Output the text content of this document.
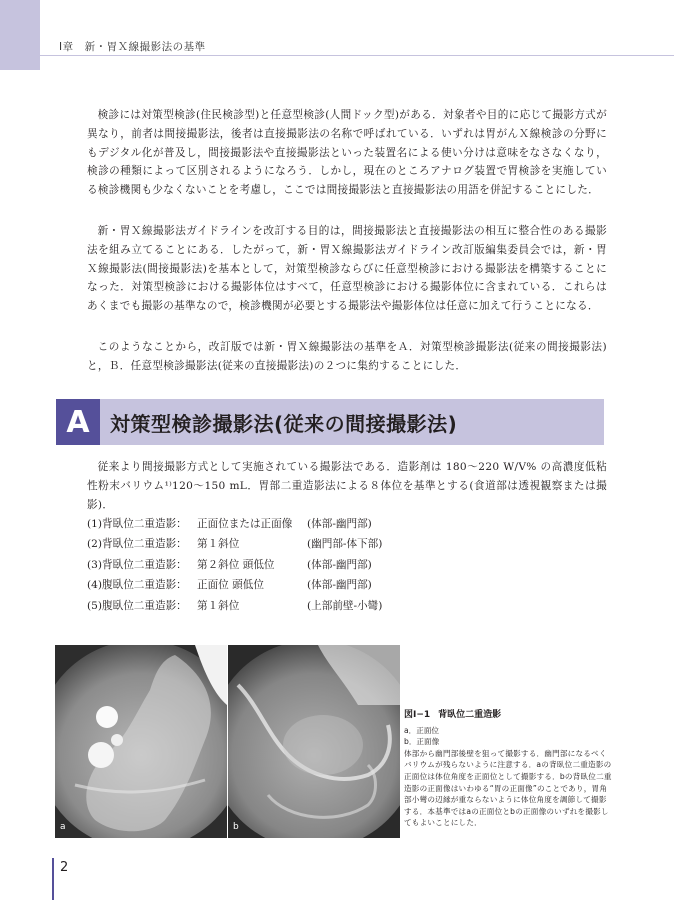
Ⅰ章　新・胃Ｘ線撮影法の基準

検診には対策型検診(住民検診型)と任意型検診(人間ドック型)がある．対象者や目的に応じて撮影方式が異なり，前者は間接撮影法，後者は直接撮影法の名称で呼ばれている．いずれは胃がんＸ線検診の分野にもデジタル化が普及し，間接撮影法や直接撮影法といった装置名による使い分けは意味をなさなくなり，検診の種類によって区別されるようになろう．しかし，現在のところアナログ装置で胃検診を実施している検診機関も少なくないことを考慮し，ここでは間接撮影法と直接撮影法の用語を併記することにした．

新・胃Ｘ線撮影法ガイドラインを改訂する目的は，間接撮影法と直接撮影法の相互に整合性のある撮影法を組み立てることにある．したがって，新・胃Ｘ線撮影法ガイドライン改訂版編集委員会では，新・胃Ｘ線撮影法(間接撮影法)を基本として，対策型検診ならびに任意型検診における撮影法を構築することになった．対策型検診における撮影体位はすべて，任意型検診における撮影体位に含まれている．これらはあくまでも撮影の基準なので，検診機関が必要とする撮影法や撮影体位は任意に加えて行うことになる．

このようなことから，改訂版では新・胃Ｘ線撮影法の基準をＡ．対策型検診撮影法(従来の間接撮影法)と，Ｂ．任意型検診撮影法(従来の直接撮影法)の２つに集約することにした．

A	対策型検診撮影法(従来の間接撮影法)

従来より間接撮影方式として実施されている撮影法である．造影剤は 180〜220 W/V% の高濃度低粘性粉末バリウム¹⁾120〜150 mL．胃部二重造影法による８体位を基準とする(食道部は透視観察または撮影)．

(1)背臥位二重造影： 正面位または正面像	(体部-幽門部)
(2)背臥位二重造影： 第１斜位	(幽門部-体下部)
(3)背臥位二重造影： 第２斜位 頭低位	(体部-幽門部)
(4)腹臥位二重造影： 正面位 頭低位	(体部-幽門部)
(5)腹臥位二重造影： 第１斜位	(上部前壁-小彎)
a	b
図Ⅰ−1 背臥位二重造影

a．正面位

b．正面像

体部から幽門部後壁を狙って撮影する．幽門部になるべくバリウムが残らないように注意する．aの背臥位二重造影の正面位は体位角度を正面位として撮影する．bの背臥位二重造影の正面像はいわゆる“胃の正面像”のことであり，胃角部小彎の辺縁が重ならないように体位角度を調節して撮影する．本基準ではaの正面位とbの正面像のいずれを撮影してもよいことにした．

2
